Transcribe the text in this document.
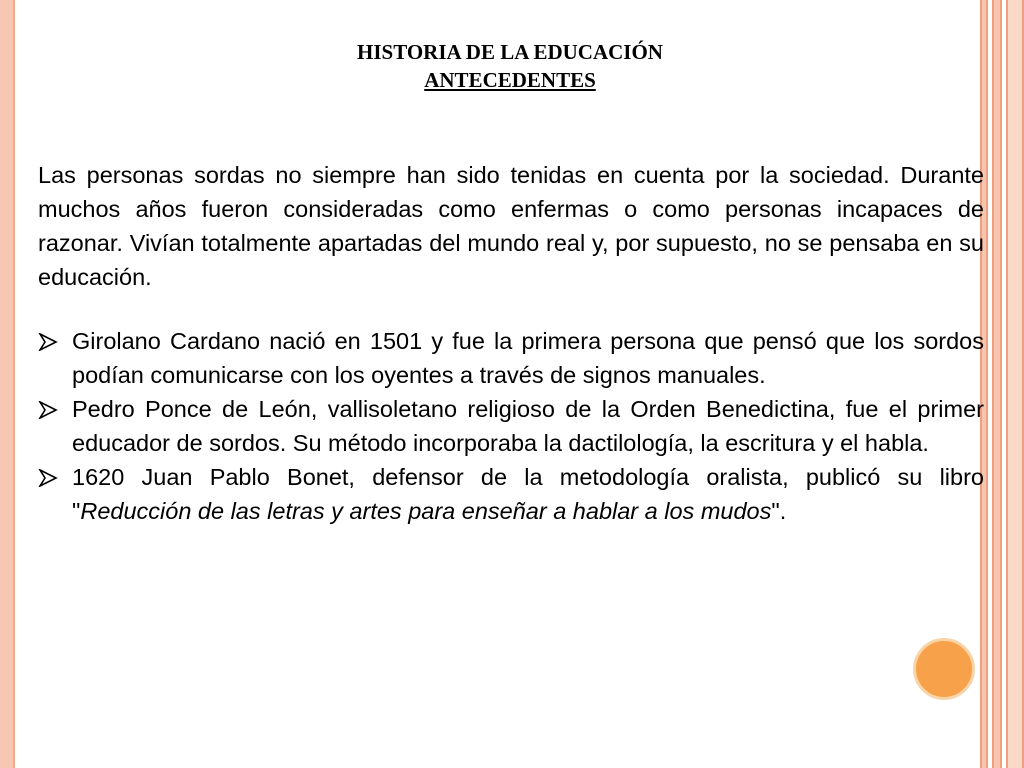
HISTORIA DE LA EDUCACIÓN
ANTECEDENTES

Las personas sordas no siempre han sido tenidas en cuenta por la sociedad. Durante muchos años fueron consideradas como enfermas o como personas incapaces de razonar. Vivían totalmente apartadas del mundo real y, por supuesto, no se pensaba en su educación.

Girolano Cardano nació en 1501 y fue la primera persona que pensó que los sordos podían comunicarse con los oyentes a través de signos manuales.
Pedro Ponce de León, vallisoletano religioso de la Orden Benedictina, fue el primer educador de sordos. Su método incorporaba la dactilología, la escritura y el habla.
1620 Juan Pablo Bonet, defensor de la metodología oralista, publicó su libro "Reducción de las letras y artes para enseñar a hablar a los mudos".
